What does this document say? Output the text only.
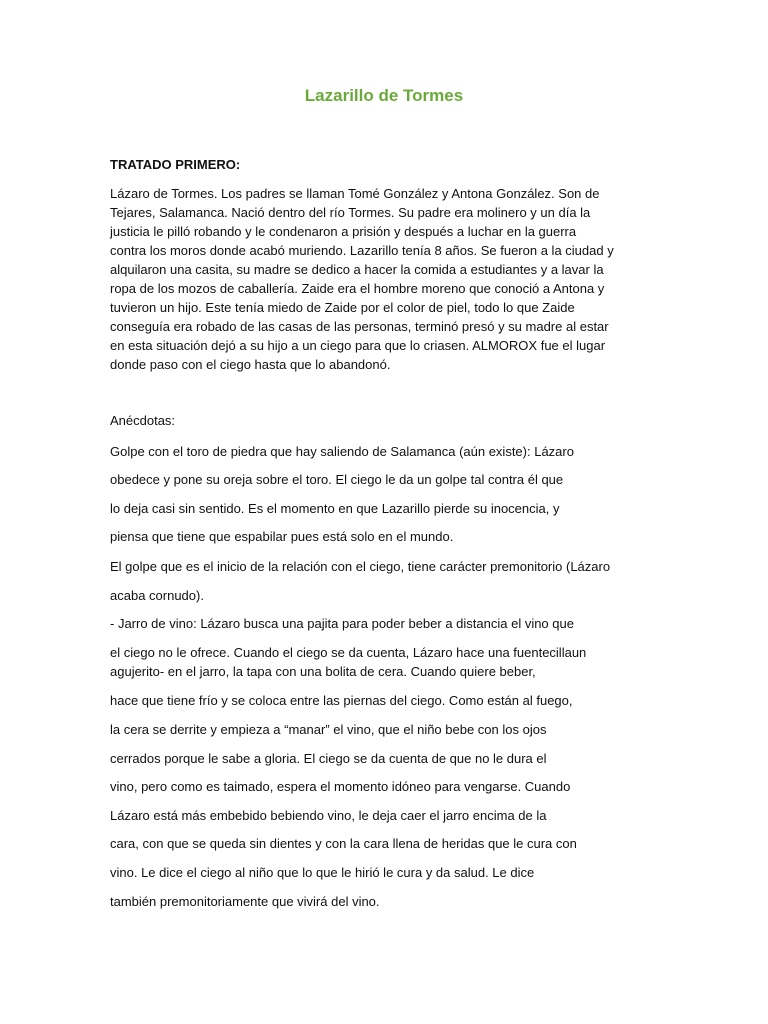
Lazarillo de Tormes
TRATADO PRIMERO:
Lázaro de Tormes. Los padres se llaman Tomé González y Antona González. Son de
Tejares, Salamanca. Nació dentro del río Tormes. Su padre era molinero y un día la
justicia le pilló robando y le condenaron a prisión y después a luchar en la guerra
contra los moros donde acabó muriendo. Lazarillo tenía 8 años. Se fueron a la ciudad y
alquilaron una casita, su madre se dedico a hacer la comida a estudiantes y a lavar la
ropa de los mozos de caballería. Zaide era el hombre moreno que conoció a Antona y
tuvieron un hijo. Este tenía miedo de Zaide por el color de piel, todo lo que Zaide
conseguía era robado de las casas de las personas, terminó presó y su madre al estar
en esta situación dejó a su hijo a un ciego para que lo criasen. ALMOROX fue el lugar
donde paso con el ciego hasta que lo abandonó.
Anécdotas:
Golpe con el toro de piedra que hay saliendo de Salamanca (aún existe): Lázaro
obedece y pone su oreja sobre el toro. El ciego le da un golpe tal contra él que
lo deja casi sin sentido. Es el momento en que Lazarillo pierde su inocencia, y
piensa que tiene que espabilar pues está solo en el mundo.
El golpe que es el inicio de la relación con el ciego, tiene carácter premonitorio (Lázaro
acaba cornudo).
- Jarro de vino: Lázaro busca una pajita para poder beber a distancia el vino que
el ciego no le ofrece. Cuando el ciego se da cuenta, Lázaro hace una fuentecillaun
agujerito- en el jarro, la tapa con una bolita de cera. Cuando quiere beber,
hace que tiene frío y se coloca entre las piernas del ciego. Como están al fuego,
la cera se derrite y empieza a “manar” el vino, que el niño bebe con los ojos
cerrados porque le sabe a gloria. El ciego se da cuenta de que no le dura el
vino, pero como es taimado, espera el momento idóneo para vengarse. Cuando
Lázaro está más embebido bebiendo vino, le deja caer el jarro encima de la
cara, con que se queda sin dientes y con la cara llena de heridas que le cura con
vino. Le dice el ciego al niño que lo que le hirió le cura y da salud. Le dice
también premonitoriamente que vivirá del vino.
